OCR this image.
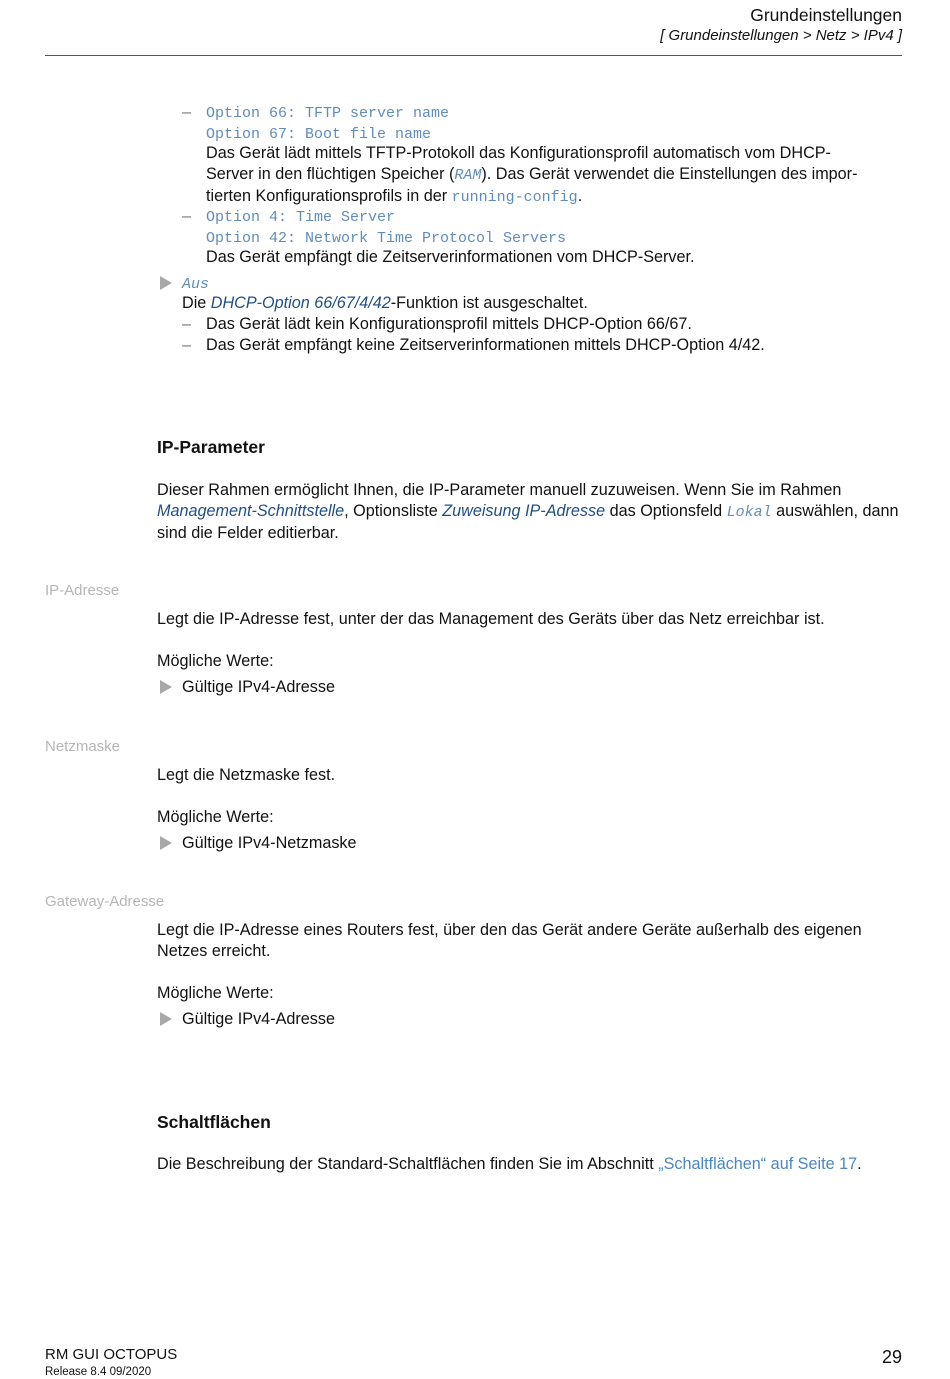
Grundeinstellungen
[ Grundeinstellungen > Netz > IPv4 ]
– Option 66: TFTP server name
Option 67: Boot file name
Das Gerät lädt mittels TFTP-Protokoll das Konfigurationsprofil automatisch vom DHCP-
Server in den flüchtigen Speicher (RAM). Das Gerät verwendet die Einstellungen des impor-
tierten Konfigurationsprofils in der running-config.
– Option 4: Time Server
Option 42: Network Time Protocol Servers
Das Gerät empfängt die Zeitserverinformationen vom DHCP-Server.
Aus
Die DHCP-Option 66/67/4/42-Funktion ist ausgeschaltet.
– Das Gerät lädt kein Konfigurationsprofil mittels DHCP-Option 66/67.
– Das Gerät empfängt keine Zeitserverinformationen mittels DHCP-Option 4/42.
IP-Parameter
Dieser Rahmen ermöglicht Ihnen, die IP-Parameter manuell zuzuweisen. Wenn Sie im Rahmen
Management-Schnittstelle, Optionsliste Zuweisung IP-Adresse das Optionsfeld Lokal auswählen, dann
sind die Felder editierbar.
IP-Adresse
Legt die IP-Adresse fest, unter der das Management des Geräts über das Netz erreichbar ist.
Mögliche Werte:
Gültige IPv4-Adresse
Netzmaske
Legt die Netzmaske fest.
Mögliche Werte:
Gültige IPv4-Netzmaske
Gateway-Adresse
Legt die IP-Adresse eines Routers fest, über den das Gerät andere Geräte außerhalb des eigenen
Netzes erreicht.
Mögliche Werte:
Gültige IPv4-Adresse
Schaltflächen
Die Beschreibung der Standard-Schaltflächen finden Sie im Abschnitt „Schaltflächen“ auf Seite 17.
RM GUI OCTOPUS
Release 8.4 09/2020
29
